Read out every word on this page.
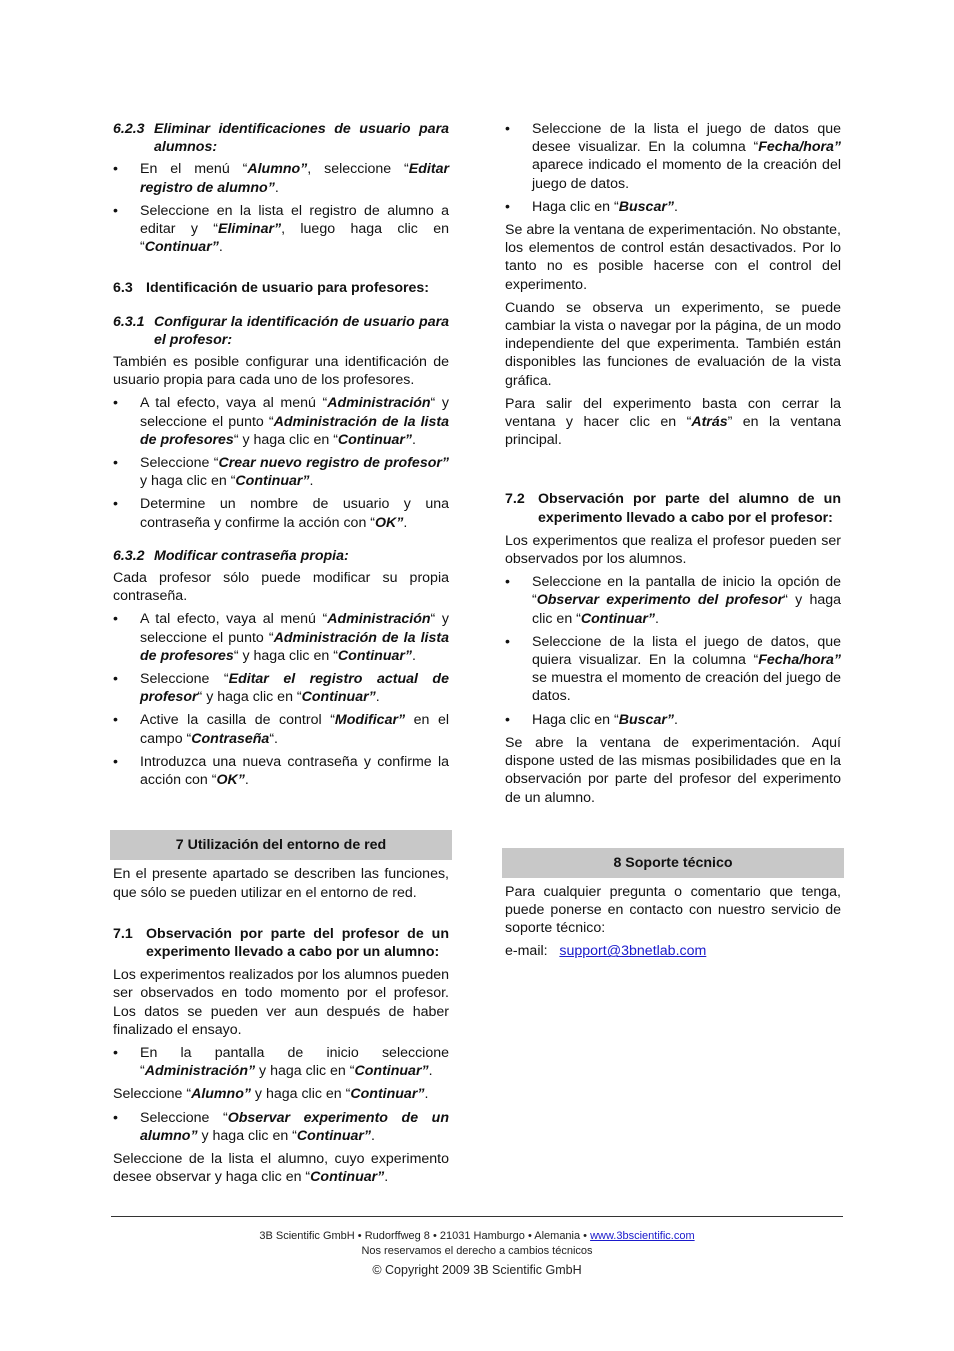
6.2.3 Eliminar identificaciones de usuario para alumnos:
• En el menú “Alumno”, seleccione “Editar registro de alumno”.
• Seleccione en la lista el registro de alumno a editar y “Eliminar”, luego haga clic en “Continuar”.
6.3 Identificación de usuario para profesores:
6.3.1 Configurar la identificación de usuario para el profesor:

También es posible configurar una identificación de usuario propia para cada uno de los profesores.

• A tal efecto, vaya al menú “Administración“ y seleccione el punto “Administración de la lista de profesores“ y haga clic en “Continuar”.
• Seleccione “Crear nuevo registro de profesor” y haga clic en “Continuar”.
• Determine un nombre de usuario y una contraseña y confirme la acción con “OK”.
6.3.2 Modificar contraseña propia:

Cada profesor sólo puede modificar su propia contraseña.

• A tal efecto, vaya al menú “Administración“ y seleccione el punto “Administración de la lista de profesores“ y haga clic en “Continuar”.
• Seleccione “Editar el registro actual de profesor“ y haga clic en “Continuar”.
• Active la casilla de control “Modificar” en el campo “Contraseña“.
• Introduzca una nueva contraseña y confirme la acción con “OK”.
7 Utilización del entorno de red

En el presente apartado se describen las funciones, que sólo se pueden utilizar en el entorno de red.

7.1 Observación por parte del profesor de un experimento llevado a cabo por un alumno:

Los experimentos realizados por los alumnos pueden ser observados en todo momento por el profesor. Los datos se pueden ver aun después de haber finalizado el ensayo.

• En la pantalla de inicio seleccione “Administración” y haga clic en “Continuar”.

Seleccione “Alumno” y haga clic en “Continuar”.

• Seleccione “Observar experimento de un alumno” y haga clic en “Continuar”.

Seleccione de la lista el alumno, cuyo experimento desee observar y haga clic en “Continuar”.

• Seleccione de la lista el juego de datos que desee visualizar. En la columna “Fecha/hora” aparece indicado el momento de la creación del juego de datos.
• Haga clic en “Buscar”.

Se abre la ventana de experimentación. No obstante, los elementos de control están desactivados. Por lo tanto no es posible hacerse con el control del experimento.

Cuando se observa un experimento, se puede cambiar la vista o navegar por la página, de un modo independiente del que experimenta. También están disponibles las funciones de evaluación de la vista gráfica.

Para salir del experimento basta con cerrar la ventana y hacer clic en “Atrás” en la ventana principal.

7.2 Observación por parte del alumno de un experimento llevado a cabo por el profesor:

Los experimentos que realiza el profesor pueden ser observados por los alumnos.

• Seleccione en la pantalla de inicio la opción de “Observar experimento del profesor“ y haga clic en “Continuar”.
• Seleccione de la lista el juego de datos, que quiera visualizar. En la columna “Fecha/hora” se muestra el momento de creación del juego de datos.
• Haga clic en “Buscar”.

Se abre la ventana de experimentación. Aquí dispone usted de las mismas posibilidades que en la observación por parte del profesor del experimento de un alumno.

8 Soporte técnico

Para cualquier pregunta o comentario que tenga, puede ponerse en contacto con nuestro servicio de soporte técnico:

e-mail: support@3bnetlab.com

3B Scientific GmbH • Rudorffweg 8 • 21031 Hamburgo • Alemania • www.3bscientific.com
Nos reservamos el derecho a cambios técnicos
© Copyright 2009 3B Scientific GmbH
